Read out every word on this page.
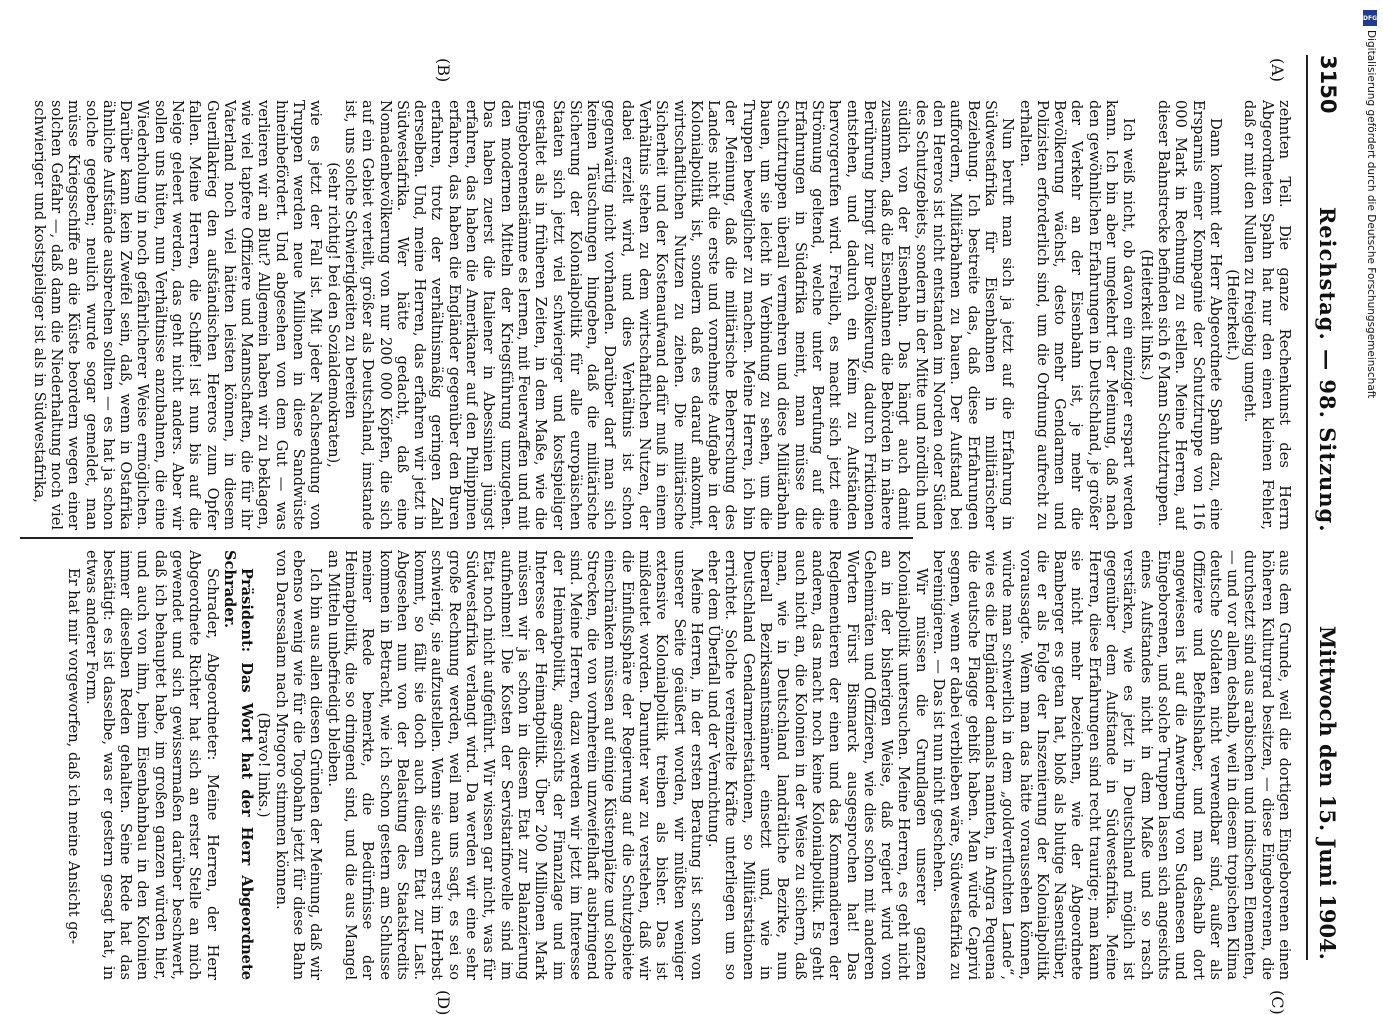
3150
Reichstag. — 98. Sitzung.
Mittwoch den 15. Juni 1904.
(A)
(B)

zehnten Teil. Die ganze Rechenkunst des Herrn Abgeordneten Spahn hat nur den einen kleinen Fehler, daß er mit den Nullen zu freigebig umgeht.

(Heiterkeit.)

Dann kommt der Herr Abgeordnete Spahn dazu, eine Ersparnis einer Kompagnie der Schutztruppe von 116 000 Mark in Rechnung zu stellen. Meine Herren, auf dieser Bahnstrecke befinden sich 6 Mann Schutztruppen.

(Heiterkeit links.)

Ich weiß nicht, ob davon ein einziger erspart werden kann. Ich bin aber umgekehrt der Meinung, daß nach den gewöhnlichen Erfahrungen in Deutschland, je größer der Verkehr an der Eisenbahn ist, je mehr die Bevölkerung wächst, desto mehr Gendarmen und Polizisten erforderlich sind, um die Ordnung aufrecht zu erhalten.

Nun beruft man sich ja jetzt auf die Erfahrung in Südwestafrika für Eisenbahnen in militärischer Beziehung. Ich bestreite das, daß diese Erfahrungen auffordern, Militärbahnen zu bauen. Der Aufstand bei den Hereros ist nicht entstanden im Norden oder Süden des Schutzgebiets, sondern in der Mitte und nördlich und südlich von der Eisenbahn. Das hängt auch damit zusammen, daß die Eisenbahnen die Behörden in nähere Berührung bringt zur Bevölkerung, dadurch Friktionen entstehen, und dadurch ein Keim zu Aufständen hervorgerufen wird. Freilich, es macht sich jetzt eine Strömung geltend, welche unter Berufung auf die Erfahrungen in Südafrika meint, man müsse die Schutztruppen überall vermehren und diese Militärbahn bauen, um sie leicht in Verbindung zu sehen, um die Truppen beweglicher zu machen. Meine Herren, ich bin der Meinung, daß die militärische Beherrschung des Landes nicht die erste und vornehmste Aufgabe in der Kolonialpolitik ist, sondern daß es darauf ankommt, wirtschaftlichen Nutzen zu ziehen. Die militärische Sicherheit und der Kostenaufwand dafür muß in einem Verhältnis stehen zu dem wirtschaftlichen Nutzen, der dabei erzielt wird, und dies Verhältnis ist schon gegenwärtig nicht vorhanden. Darüber darf man sich keinen Täuschungen hingeben, daß die militärische Sicherung der Kolonialpolitik für alle europäischen Staaten sich jetzt viel schwieriger und kostspieliger gestaltet als in früheren Zeiten, in dem Maße, wie die Eingeborenenstämme es lernen, mit Feuerwaffen und mit den modernen Mitteln der Kriegsführung umzugehen. Das haben zuerst die Italiener in Abessinien jüngst erfahren, das haben die Amerikaner auf den Philippinen erfahren, das haben die Engländer gegenüber den Buren erfahren, trotz der verhältnismäßig geringen Zahl derselben. Und, meine Herren, das erfahren wir jetzt in Südwestafrika. Wer hätte gedacht, daß eine Nomadenbevölkerung von nur 200 000 Köpfen, die sich auf ein Gebiet verteilt, größer als Deutschland, imstande ist, uns solche Schwierigkeiten zu bereiten

(sehr richtig! bei den Sozialdemokraten),

wie es jetzt der Fall ist. Mit jeder Nachsendung von Truppen werden neue Millionen in diese Sandwüste hineinbefördert. Und abgesehen von dem Gut — was verlieren wir an Blut? Allgemein haben wir zu beklagen, wie viel tapfere Offiziere und Mannschaften, die für ihr Vaterland noch viel hätten leisten können, in diesem Guerillakrieg den aufständischen Hereros zum Opfer fallen. Meine Herren, die Schiffe! ist nun bis auf die Neige geleert werden, das geht nicht anders. Aber wir sollen uns hüten, nun Verhältnisse anzubahnen, die eine Wiederholung in noch gefährlicherer Weise ermöglichen. Darüber kann kein Zweifel sein, daß, wenn in Ostafrika ähnliche Aufstände ausbrechen sollten — es hat ja schon solche gegeben; neulich wurde sogar gemeldet, man müsse Kriegsschiffe an die Küste beordern wegen einer solchen Gefahr —, daß dann die Niederhaltung noch viel schwieriger und kostspieliger ist als in Südwestafrika,

aus dem Grunde, weil die dortigen Eingeborenen einen höheren Kulturgrad besitzen, — diese Eingeborenen, die durchsetzt sind aus arabischen und indischen Elementen, — und vor allem deshalb, weil in diesem tropischen Klima deutsche Soldaten nicht verwendbar sind, außer als Offiziere und Befehlshaber, und man deshalb dort angewiesen ist auf die Anwerbung von Sudanesen und Eingeborenen, und solche Truppen lassen sich angesichts eines Aufstandes nicht in dem Maße und so rasch verstärken, wie es jetzt in Deutschland möglich ist gegenüber dem Aufstande in Südwestafrika. Meine Herren, diese Erfahrungen sind recht traurige; man kann sie nicht mehr bezeichnen, wie der Abgeordnete Bamberger es getan hat, bloß als blutige Nasenstüber, die er als Folge der Inszenierung der Kolonialpolitik voraussagte. Wenn man das hätte voraussehen können, würde man schwerlich in dem „goldverfluchten Lande“, wie es die Engländer damals nannten, in Angra Pequena die deutsche Flagge gehißt haben. Man würde Caprivi segnen, wenn er dabei verblieben wäre, Südwestafrika zu bereinigieren. — Das ist nun nicht geschehen.

Wir müssen die Grundlagen unserer ganzen Kolonialpolitik untersuchen. Meine Herren, es geht nicht an in der bisherigen Weise, daß regiert wird von Geheimräten und Offizieren, wie dies schon mit anderen Worten Fürst Bismarck ausgesprochen hat! Das Reglementieren der einen und das Kommandieren der anderen, das macht noch keine Kolonialpolitik. Es geht auch nicht an, die Kolonien in der Weise zu sichern, daß man, wie in Deutschland landrätliche Bezirke, nun überall Bezirksamtsmänner einsetzt und, wie in Deutschland Gendarmeriestationen, so Militärstationen errichtet. Solche vereinzelte Kräfte unterliegen um so eher dem Überfall und der Vernichtung.

Meine Herren, in der ersten Beratung ist schon von unserer Seite geäußert worden, wir müßten weniger extensive Kolonialpolitik treiben als bisher. Das ist mißdeutet worden. Darunter war zu verstehen, daß wir die Einflußsphäre der Regierung auf die Schutzgebiete einschränken müssen auf einige Küstenplätze und solche Strecken, die von vornherein unzweifelhaft ausbringend sind. Meine Herren, dazu werden wir jetzt im Interesse der Heimatpolitik, angesichts der Finanzlage und im Interesse der Heimatpolitik. Über 200 Millionen Mark müssen wir ja schon in diesem Etat zur Balanzierung aufnehmen! Die Kosten der Servistarifnovelle sind im Etat noch nicht aufgeführt. Wir wissen gar nicht, was für Südwestafrika verlangt wird. Da werden wir eine sehr große Rechnung werden, weil man uns sagt, es sei so schwierig, sie aufzustellen. Wenn sie auch erst im Herbst kommt, so fällt sie doch auch diesem Etat zur Last. Abgesehen nun von der Belastung des Staatskredits kommen in Betracht, wie ich schon gestern am Schlusse meiner Rede bemerkte, die Bedürfnisse der Heimatpolitik, die so dringend sind, und die aus Mangel an Mitteln unbefriedigt bleiben.

Ich bin aus allen diesen Gründen der Meinung, daß wir ebenso wenig wie für die Togobahn jetzt für diese Bahn von Daressalam nach Mrogoro stimmen können.

(Bravo! links.)

Präsident: Das Wort hat der Herr Abgeordnete Schrader.

Schrader, Abgeordneter: Meine Herren, der Herr Abgeordnete Richter hat sich an erster Stelle an mich gewendet und sich gewissermaßen darüber beschwert, daß ich behauptet habe, im großen ganzen würden hier, und auch von ihm, beim Eisenbahnbau in den Kolonien immer dieselben Reden gehalten. Seine Rede hat das bestätigt: es ist dasselbe, was er gestern gesagt hat, in etwas anderer Form.

Er hat mir vorgeworfen, daß ich meine Ansicht ge-

(C)
(D)
DFG
Digitalisierung gefördert durch die Deutsche Forschungsgemeinschaft
